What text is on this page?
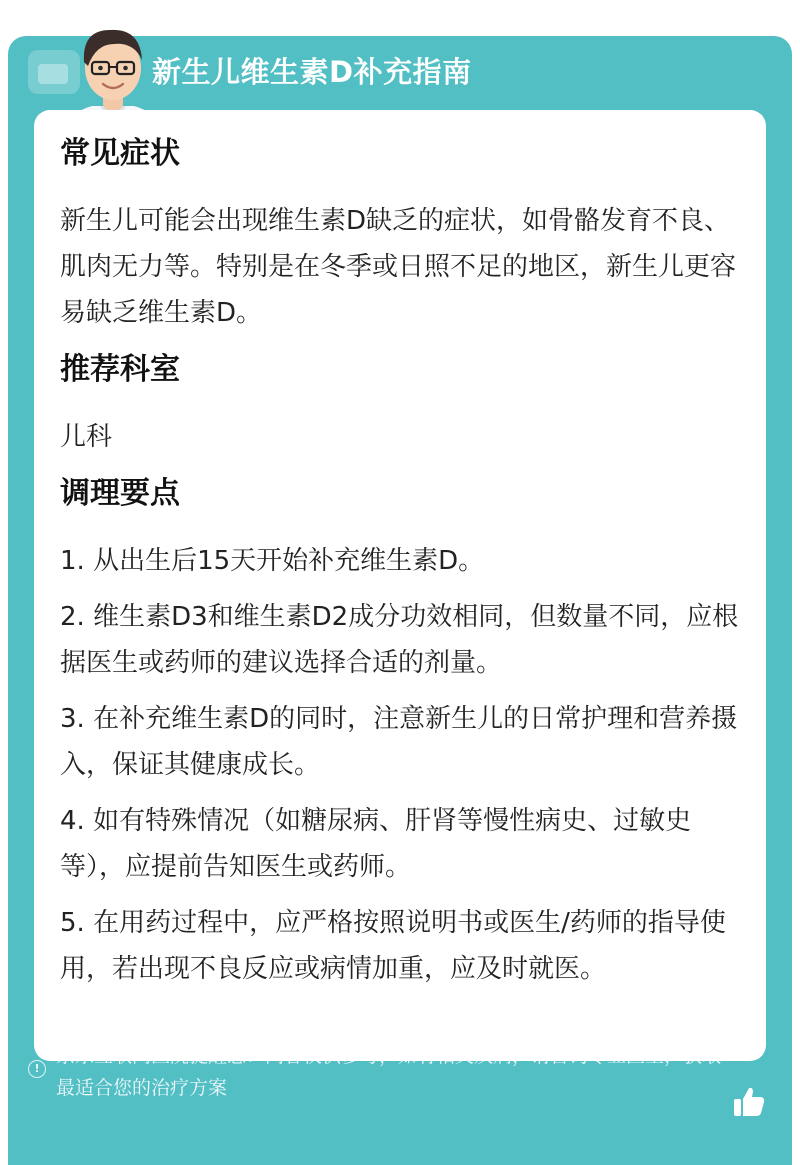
新生儿维生素D补充指南
常见症状
新生儿可能会出现维生素D缺乏的症状，如骨骼发育不良、肌肉无力等。特别是在冬季或日照不足的地区，新生儿更容易缺乏维生素D。
推荐科室
儿科
调理要点
1. 从出生后15天开始补充维生素D。
2. 维生素D3和维生素D2成分功效相同，但数量不同，应根据医生或药师的建议选择合适的剂量。
3. 在补充维生素D的同时，注意新生儿的日常护理和营养摄入，保证其健康成长。
4. 如有特殊情况（如糖尿病、肝肾等慢性病史、过敏史等），应提前告知医生或药师。
5. 在用药过程中，应严格按照说明书或医生/药师的指导使用，若出现不良反应或病情加重，应及时就医。
!
京东互联网医院提醒您：内容仅供参考，如有相关疾病，请咨询专业医生，获取最适合您的治疗方案
